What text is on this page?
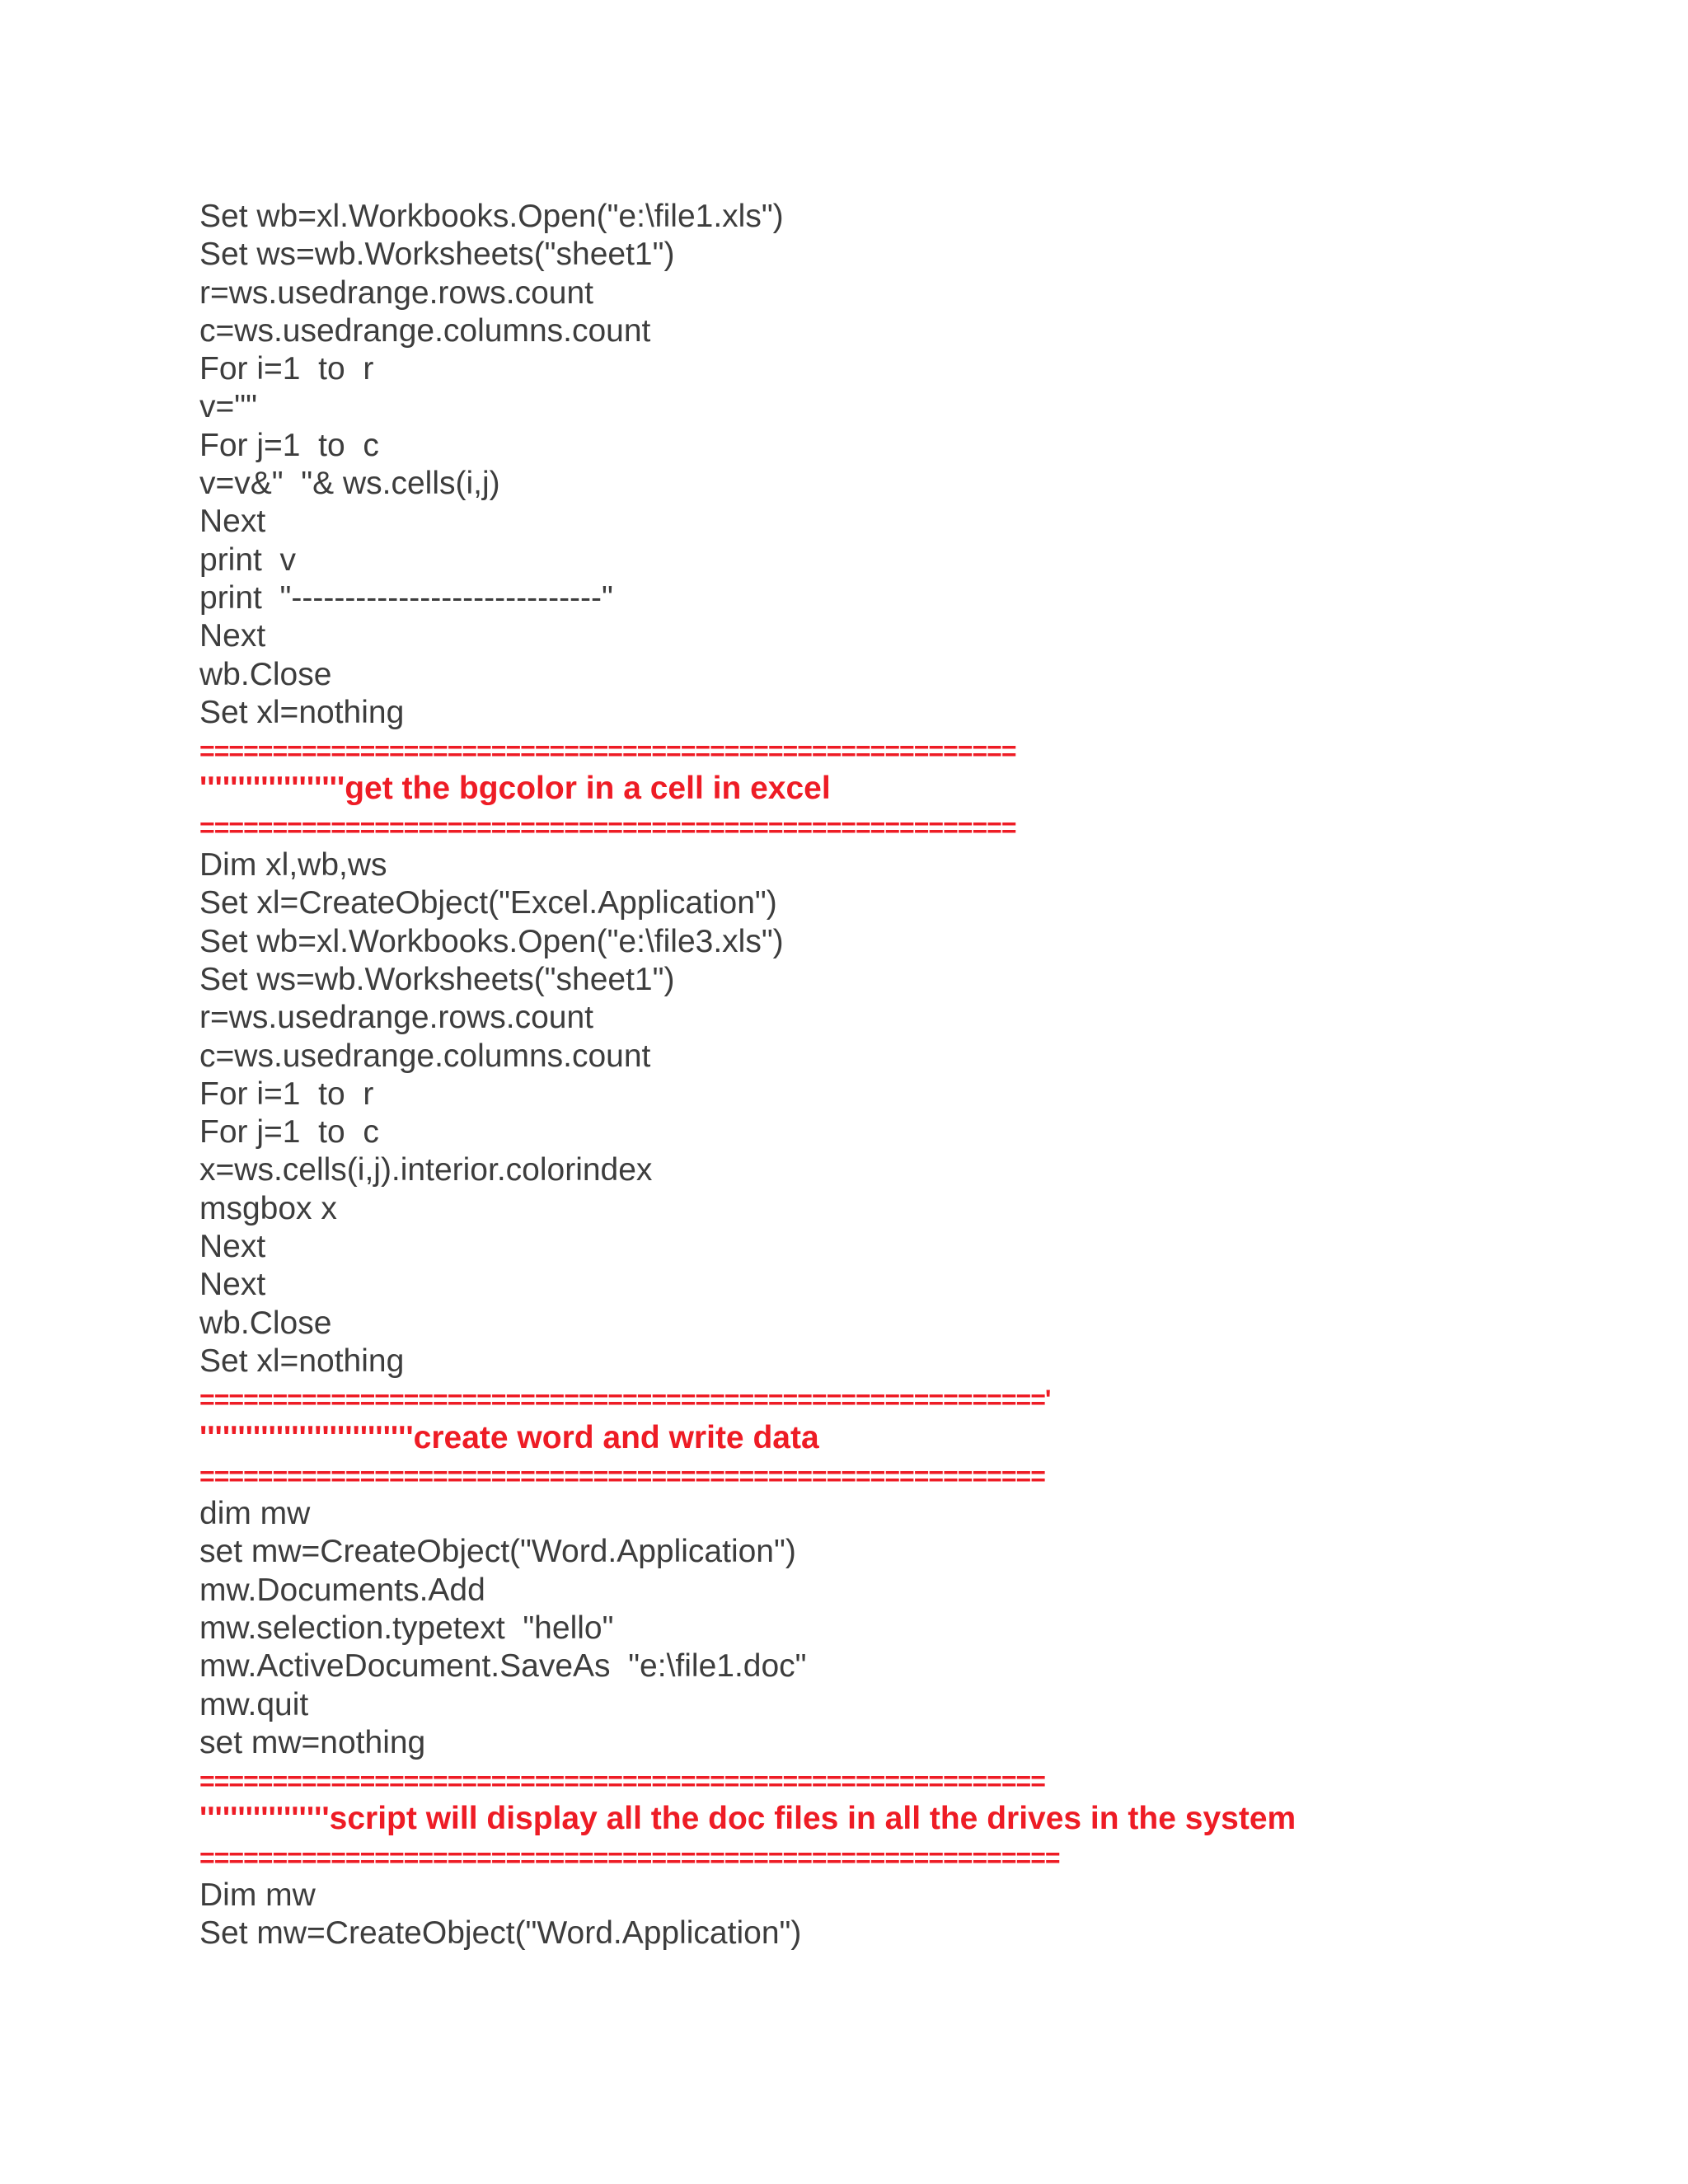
Set wb=xl.Workbooks.Open("e:\file1.xls")
Set ws=wb.Worksheets("sheet1")
r=ws.usedrange.rows.count
c=ws.usedrange.columns.count
For i=1  to  r
v=""
For j=1  to  c
v=v&"  "& ws.cells(i,j)
Next
print  v
print  "-----------------------------"
Next
wb.Close
Set xl=nothing
========================================================
'''''''''''''''''''get the bgcolor in a cell in excel
========================================================
Dim xl,wb,ws
Set xl=CreateObject("Excel.Application")
Set wb=xl.Workbooks.Open("e:\file3.xls")
Set ws=wb.Worksheets("sheet1")
r=ws.usedrange.rows.count
c=ws.usedrange.columns.count
For i=1  to  r
For j=1  to  c
x=ws.cells(i,j).interior.colorindex
msgbox x
Next
Next
wb.Close
Set xl=nothing
=========================================================='
''''''''''''''''''''''''''''create word and write data
==========================================================
dim mw
set mw=CreateObject("Word.Application")
mw.Documents.Add
mw.selection.typetext  "hello"
mw.ActiveDocument.SaveAs  "e:\file1.doc"
mw.quit
set mw=nothing
==========================================================
'''''''''''''''''script will display all the doc files in all the drives in the system
===========================================================
Dim mw
Set mw=CreateObject("Word.Application")
